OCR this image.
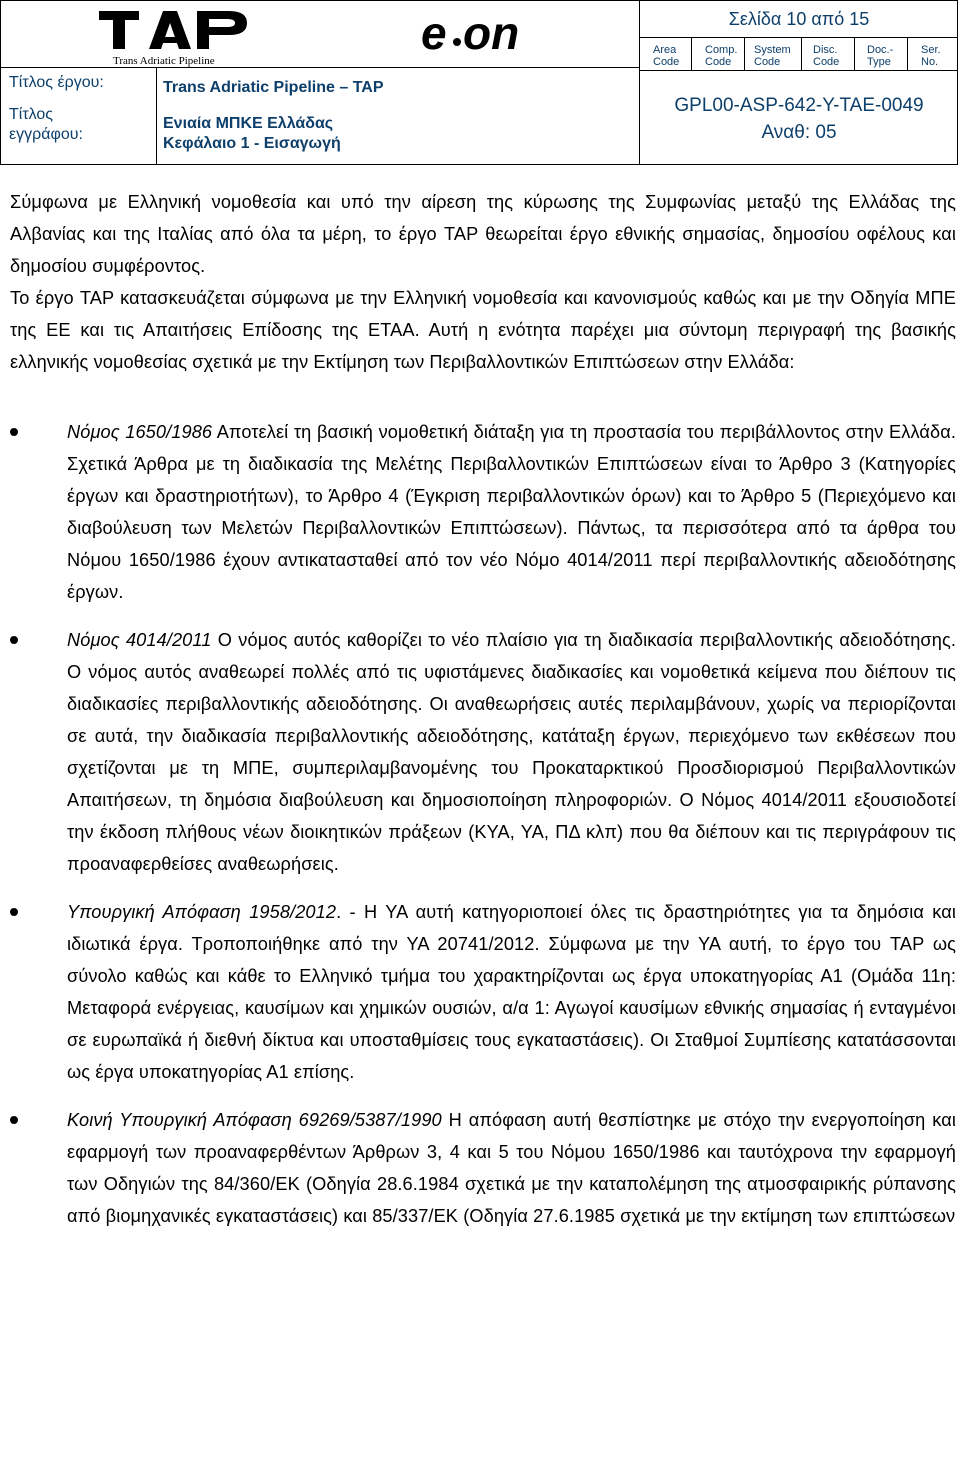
Trans Adriatic Pipeline
e on	Σελίδα 10 από 15
Area
Code
Comp.
Code
System
Code
Disc.
Code
Doc.-
Type
Ser.
No.
GPL00-ASP-642-Y-TAE-0049
Αναθ: 05
Τίτλος έργου:	Trans Adriatic Pipeline – TAP
Τίτλος
εγγράφου:
Ενιαία ΜΠΚΕ Ελλάδας
Κεφάλαιο 1 - Εισαγωγή

Σύμφωνα με Ελληνική νομοθεσία και υπό την αίρεση της κύρωσης της Συμφωνίας μεταξύ της Ελλάδας της Αλβανίας και της Ιταλίας από όλα τα μέρη, το έργο TAP θεωρείται έργο εθνικής σημασίας, δημοσίου οφέλους και δημοσίου συμφέροντος.

Το έργο TAP κατασκευάζεται σύμφωνα με την Ελληνική νομοθεσία και κανονισμούς καθώς και με την Οδηγία ΜΠΕ της ΕΕ και τις Απαιτήσεις Επίδοσης της ΕΤΑΑ. Αυτή η ενότητα παρέχει μια σύντομη περιγραφή της βασικής ελληνικής νομοθεσίας σχετικά με την Εκτίμηση των Περιβαλλοντικών Επιπτώσεων στην Ελλάδα:

Νόμος 1650/1986 Αποτελεί τη βασική νομοθετική διάταξη για τη προστασία του περιβάλλοντος στην Ελλάδα. Σχετικά Άρθρα με τη διαδικασία της Μελέτης Περιβαλλοντικών Επιπτώσεων είναι το Άρθρο 3 (Κατηγορίες έργων και δραστηριοτήτων), το Άρθρο 4 (Έγκριση περιβαλλοντικών όρων) και το Άρθρο 5 (Περιεχόμενο και διαβούλευση των Μελετών Περιβαλλοντικών Επιπτώσεων). Πάντως, τα περισσότερα από τα άρθρα του Νόμου 1650/1986 έχουν αντικατασταθεί από τον νέο Νόμο 4014/2011 περί περιβαλλοντικής αδειοδότησης έργων.
Νόμος 4014/2011 Ο νόμος αυτός καθορίζει το νέο πλαίσιο για τη διαδικασία περιβαλλοντικής αδειοδότησης. Ο νόμος αυτός αναθεωρεί πολλές από τις υφιστάμενες διαδικασίες και νομοθετικά κείμενα που διέπουν τις διαδικασίες περιβαλλοντικής αδειοδότησης. Οι αναθεωρήσεις αυτές περιλαμβάνουν, χωρίς να περιορίζονται σε αυτά, την διαδικασία περιβαλλοντικής αδειοδότησης, κατάταξη έργων, περιεχόμενο των εκθέσεων που σχετίζονται με τη ΜΠΕ, συμπεριλαμβανομένης του Προκαταρκτικού Προσδιορισμού Περιβαλλοντικών Απαιτήσεων, τη δημόσια διαβούλευση και δημοσιοποίηση πληροφοριών. Ο Νόμος 4014/2011 εξουσιοδοτεί την έκδοση πλήθους νέων διοικητικών πράξεων (ΚΥΑ, ΥΑ, ΠΔ κλπ) που θα διέπουν και τις περιγράφουν τις προαναφερθείσες αναθεωρήσεις.
Υπουργική Απόφαση 1958/2012. - Η ΥΑ αυτή κατηγοριοποιεί όλες τις δραστηριότητες για τα δημόσια και ιδιωτικά έργα. Τροποποιήθηκε από την ΥΑ 20741/2012. Σύμφωνα με την ΥΑ αυτή, το έργο του TAP ως σύνολο καθώς και κάθε το Ελληνικό τμήμα του χαρακτηρίζονται ως έργα υποκατηγορίας Α1 (Ομάδα 11η: Μεταφορά ενέργειας, καυσίμων και χημικών ουσιών, α/α 1: Αγωγοί καυσίμων εθνικής σημασίας ή ενταγμένοι σε ευρωπαϊκά ή διεθνή δίκτυα και υποσταθμίσεις τους εγκαταστάσεις). Οι Σταθμοί Συμπίεσης κατατάσσονται ως έργα υποκατηγορίας Α1 επίσης.
Κοινή Υπουργική Απόφαση 69269/5387/1990 Η απόφαση αυτή θεσπίστηκε με στόχο την ενεργοποίηση και εφαρμογή των προαναφερθέντων Άρθρων 3, 4 και 5 του Νόμου 1650/1986 και ταυτόχρονα την εφαρμογή των Οδηγιών της 84/360/ΕΚ (Οδηγία 28.6.1984 σχετικά με την καταπολέμηση της ατμοσφαιρικής ρύπανσης από βιομηχανικές εγκαταστάσεις) και 85/337/ΕΚ (Οδηγία 27.6.1985 σχετικά με την εκτίμηση των επιπτώσεων
